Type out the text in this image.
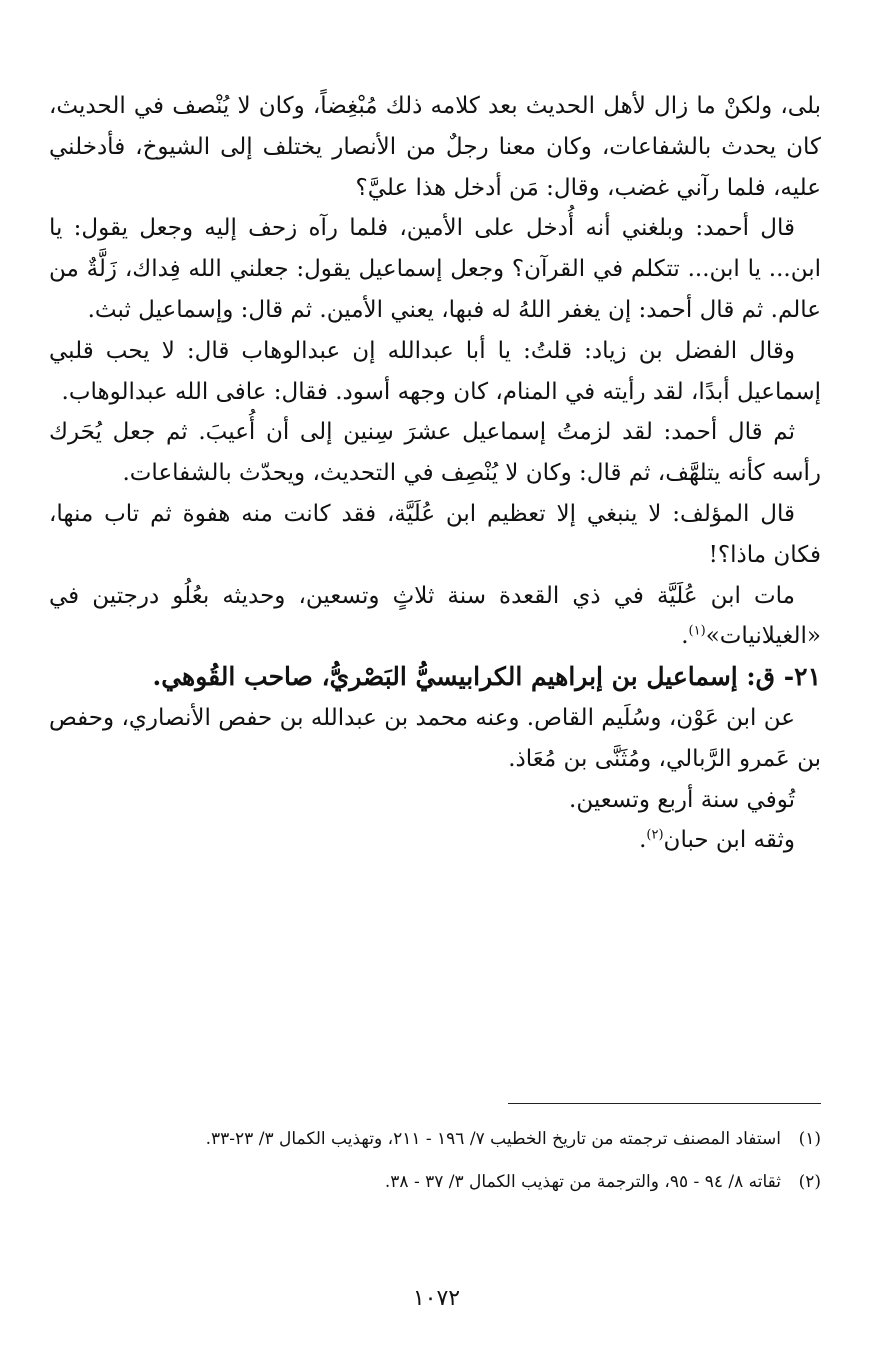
بلى، ولكنْ ما زال لأهل الحديث بعد كلامه ذلك مُبْغِضاً، وكان لا يُنْصف في الحديث، كان يحدث بالشفاعات، وكان معنا رجلٌ من الأنصار يختلف إلى الشيوخ، فأدخلني عليه، فلما رآني غضب، وقال: مَن أدخل هذا عليَّ؟

قال أحمد: وبلغني أنه أُدخل على الأمين، فلما رآه زحف إليه وجعل يقول: يا ابن... يا ابن... تتكلم في القرآن؟ وجعل إسماعيل يقول: جعلني الله فِداك، زَلَّةٌ من عالم. ثم قال أحمد: إن يغفر اللهُ له فبها، يعني الأمين. ثم قال: وإسماعيل ثبث.

وقال الفضل بن زياد: قلتُ: يا أبا عبدالله إن عبدالوهاب قال: لا يحب قلبي إسماعيل أبدًا، لقد رأيته في المنام، كان وجهه أسود. فقال: عافى الله عبدالوهاب.

ثم قال أحمد: لقد لزمتُ إسماعيل عشرَ سِنين إلى أن أُعيبَ. ثم جعل يُحَرك رأسه كأنه يتلهَّف، ثم قال: وكان لا يُنْصِف في التحديث، ويحدّث بالشفاعات.

قال المؤلف: لا ينبغي إلا تعظيم ابن عُلَيَّة، فقد كانت منه هفوة ثم تاب منها، فكان ماذا؟!

مات ابن عُلَيَّة في ذي القعدة سنة ثلاثٍ وتسعين، وحديثه بعُلُو درجتين في «الغيلانيات»$^{(١)}$.

٢١- ق: إسماعيل بن إبراهيم الكرابيسيُّ البَصْريُّ، صاحب القُوهي.

عن ابن عَوْن، وسُلَيم القاص. وعنه محمد بن عبدالله بن حفص الأنصاري، وحفص بن عَمرو الرَّبالي، ومُثَنَّى بن مُعَاذ.

تُوفي سنة أربع وتسعين.

وثقه ابن حبان$^{(٢)}$.

(١)
استفاد المصنف ترجمته من تاريخ الخطيب ٧/ ١٩٦ - ٢١١، وتهذيب الكمال ٣/ ٢٣-٣٣.
(٢)
ثقاته ٨/ ٩٤ - ٩٥، والترجمة من تهذيب الكمال ٣/ ٣٧ - ٣٨.
١٠٧٢
